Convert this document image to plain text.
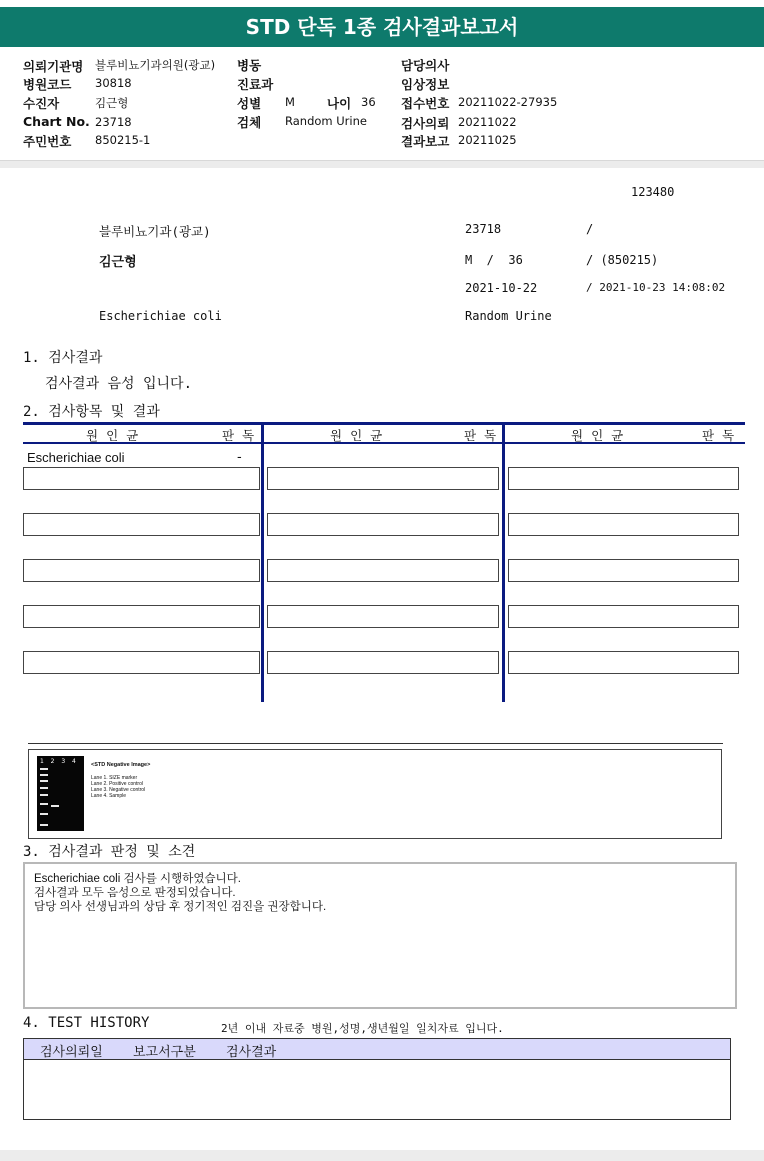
STD 단독 1종 검사결과보고서
의뢰기관명 블루비뇨기과의원(광교)
병원코드 30818
수진자	김근형
Chart No. 23718
주민번호 850215-1
병동
진료과
성별 M	나이 36
검체 Random Urine
담당의사
임상정보
접수번호 20211022-27935
검사의뢰 20211022
결과보고 20211025
123480
블루비뇨기과(광교)	23718	/
김근형	M  /  36	/ (850215)
2021-10-22	/ 2021-10-23 14:08:02
Escherichiae coli	Random Urine
1. 검사결과
검사결과 음성 입니다.
2. 검사항목 및 결과
원인균	판독	원인균	판독	원인균	판독
Escherichiae coli	-
1 2 3 4	<STD Negative Image>
Lane 1. SIZE marker
Lane 2. Positive control
Lane 3. Negative control
Lane 4. Sample
3. 검사결과 판정 및 소견
Escherichiae coli 검사를 시행하였습니다.
검사결과 모두 음성으로 판정되었습니다.
담당 의사 선생님과의 상담 후 정기적인 검진을 권장합니다.
4. TEST HISTORY	2년 이내 자료중 병원,성명,생년월일 일치자료 입니다.
검사의뢰일	보고서구분	검사결과
